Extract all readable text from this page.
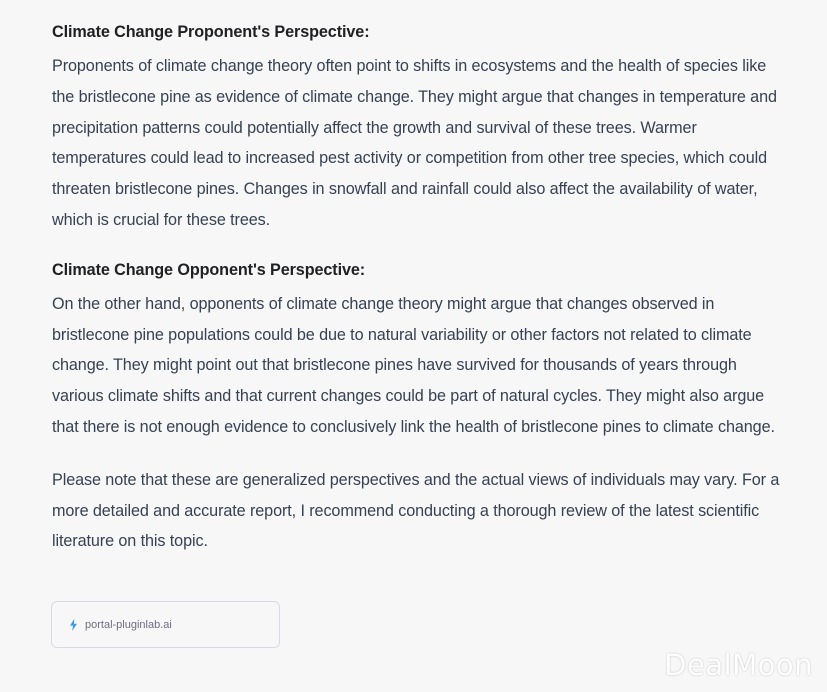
Climate Change Proponent's Perspective:

Proponents of climate change theory often point to shifts in ecosystems and the health of species like the bristlecone pine as evidence of climate change. They might argue that changes in temperature and precipitation patterns could potentially affect the growth and survival of these trees. Warmer temperatures could lead to increased pest activity or competition from other tree species, which could threaten bristlecone pines. Changes in snowfall and rainfall could also affect the availability of water, which is crucial for these trees.

Climate Change Opponent's Perspective:

On the other hand, opponents of climate change theory might argue that changes observed in bristlecone pine populations could be due to natural variability or other factors not related to climate change. They might point out that bristlecone pines have survived for thousands of years through various climate shifts and that current changes could be part of natural cycles. They might also argue that there is not enough evidence to conclusively link the health of bristlecone pines to climate change.

Please note that these are generalized perspectives and the actual views of individuals may vary. For a more detailed and accurate report, I recommend conducting a thorough review of the latest scientific literature on this topic.

portal-pluginlab.ai
DealMoon
